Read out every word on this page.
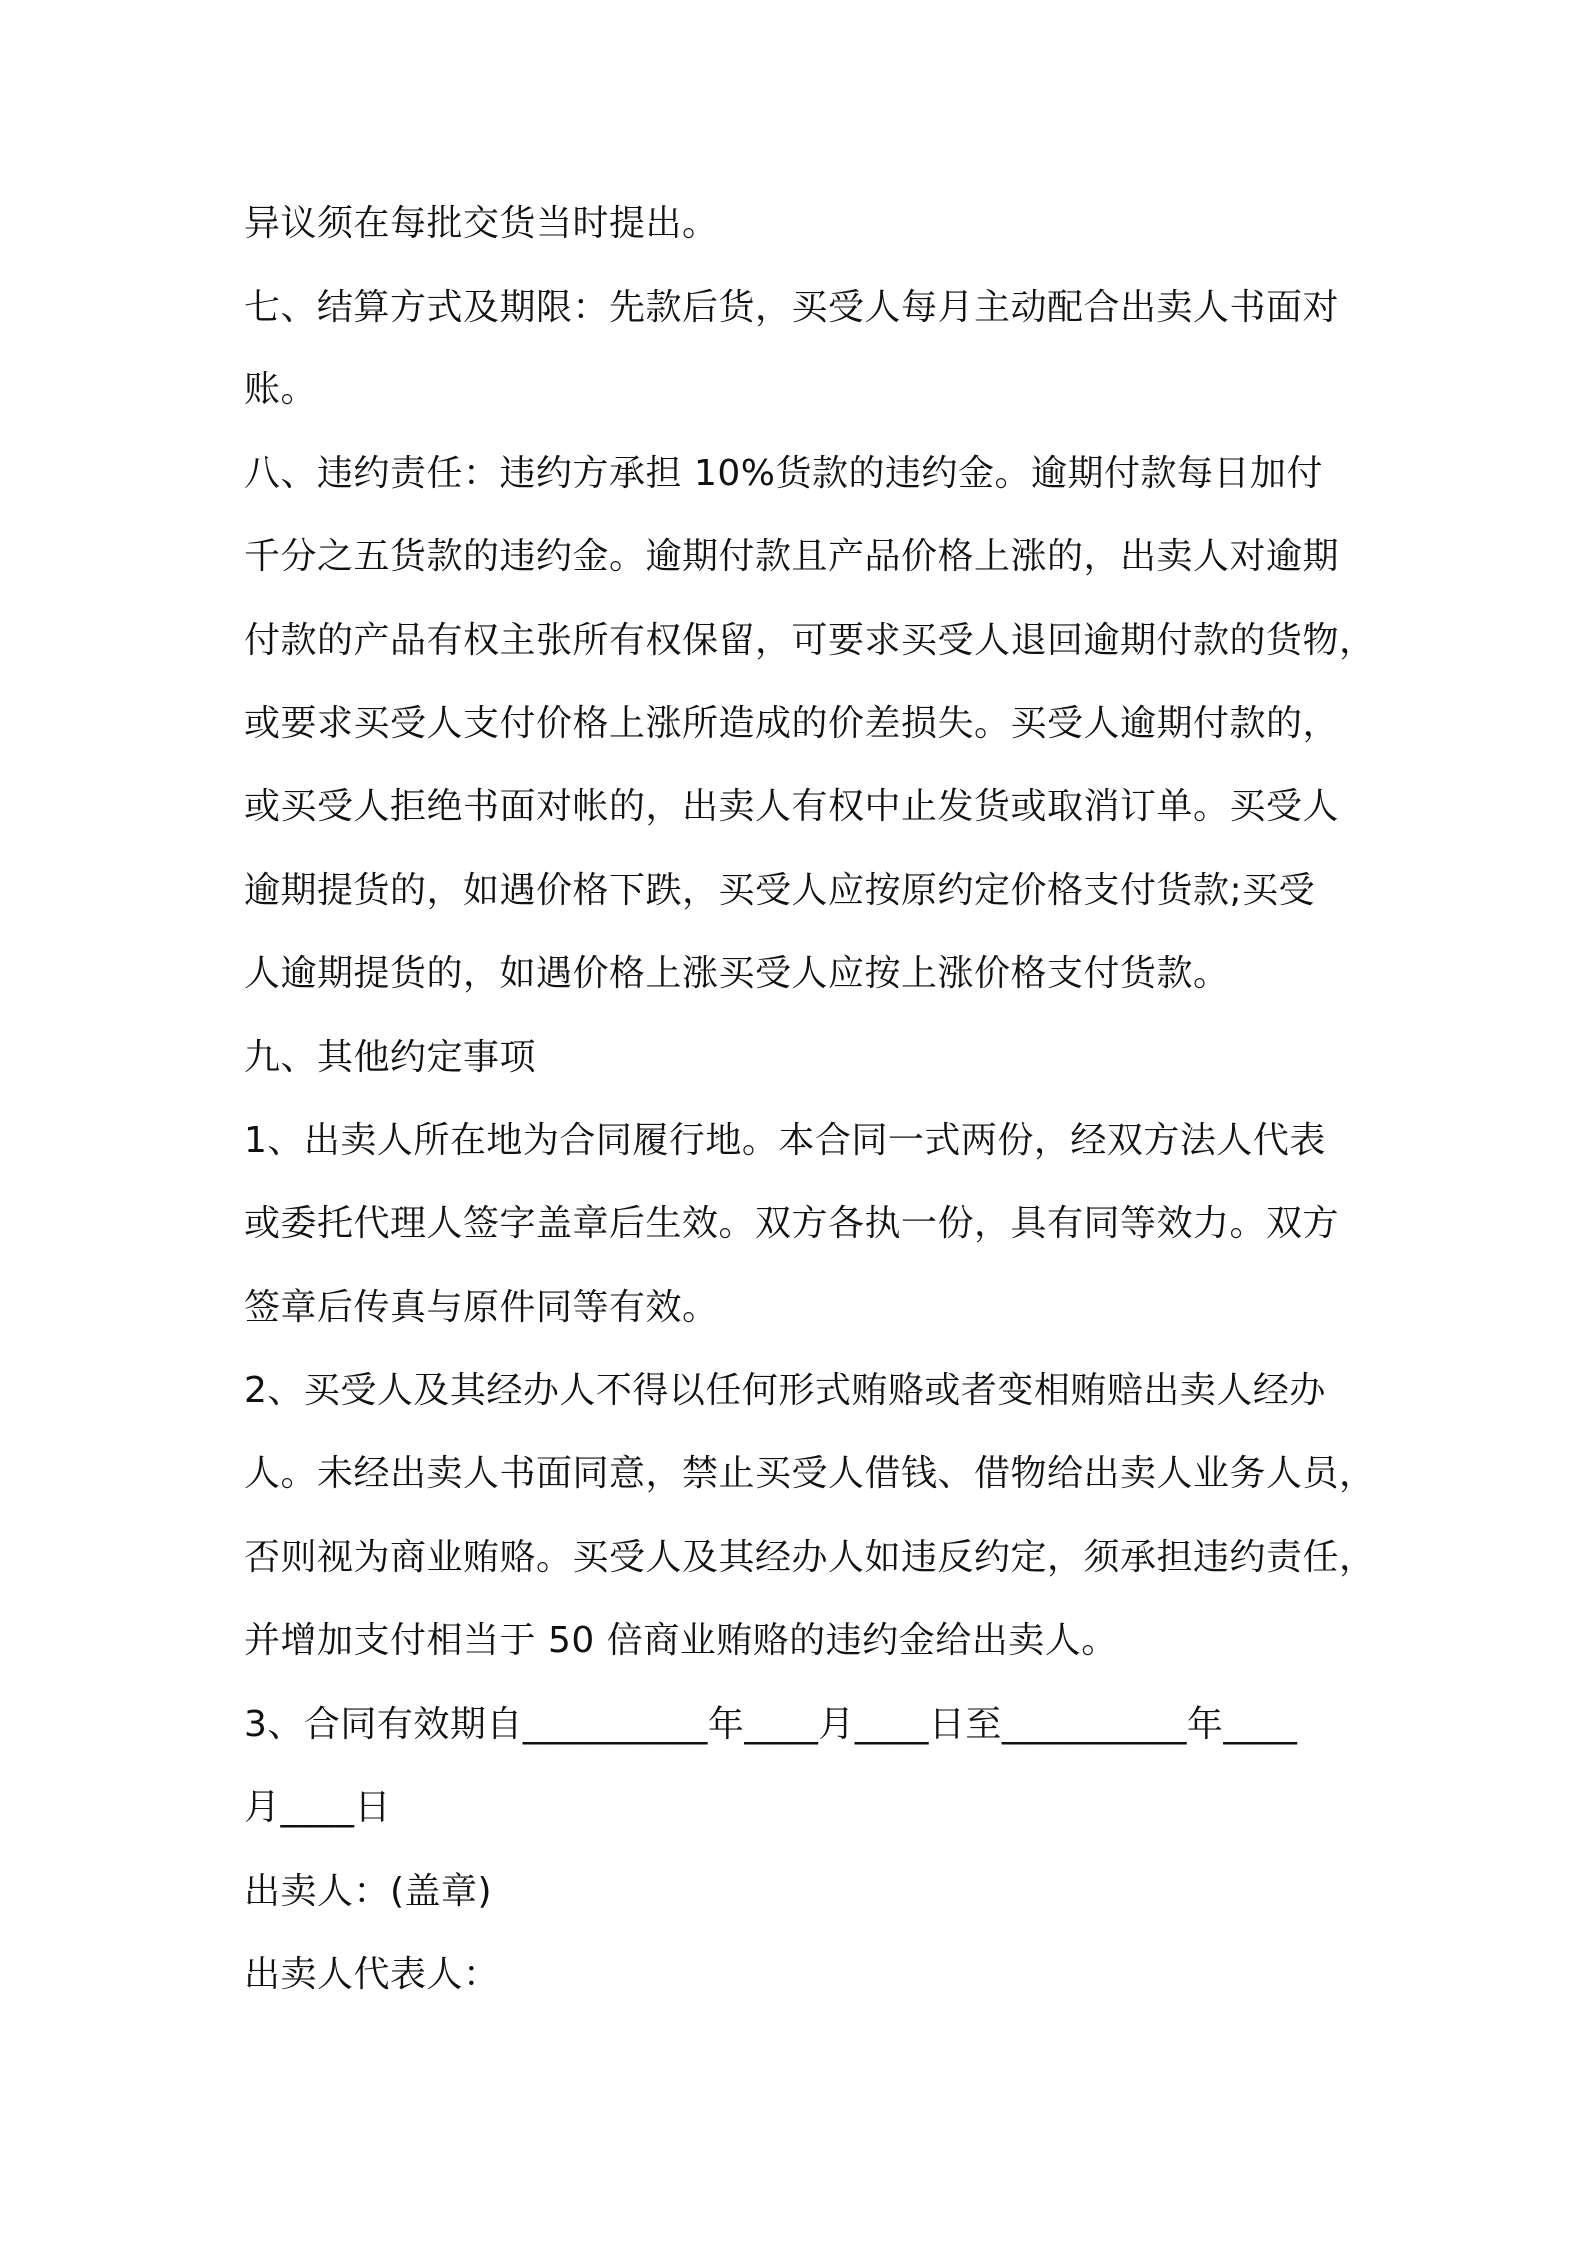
异议须在每批交货当时提出。
七、结算方式及期限：先款后货，买受人每月主动配合出卖人书面对
账。
八、违约责任：违约方承担 10%货款的违约金。逾期付款每日加付
千分之五货款的违约金。逾期付款且产品价格上涨的，出卖人对逾期
付款的产品有权主张所有权保留，可要求买受人退回逾期付款的货物，
或要求买受人支付价格上涨所造成的价差损失。买受人逾期付款的，
或买受人拒绝书面对帐的，出卖人有权中止发货或取消订单。买受人
逾期提货的，如遇价格下跌，买受人应按原约定价格支付货款;买受
人逾期提货的，如遇价格上涨买受人应按上涨价格支付货款。
九、其他约定事项
1、出卖人所在地为合同履行地。本合同一式两份，经双方法人代表
或委托代理人签字盖章后生效。双方各执一份，具有同等效力。双方
签章后传真与原件同等有效。
2、买受人及其经办人不得以任何形式贿赂或者变相贿赔出卖人经办
人。未经出卖人书面同意，禁止买受人借钱、借物给出卖人业务人员，
否则视为商业贿赂。买受人及其经办人如违反约定，须承担违约责任，
并增加支付相当于 50 倍商业贿赂的违约金给出卖人。
3、合同有效期自__________年____月____日至__________年____
月____日
出卖人：(盖章)
出卖人代表人：
